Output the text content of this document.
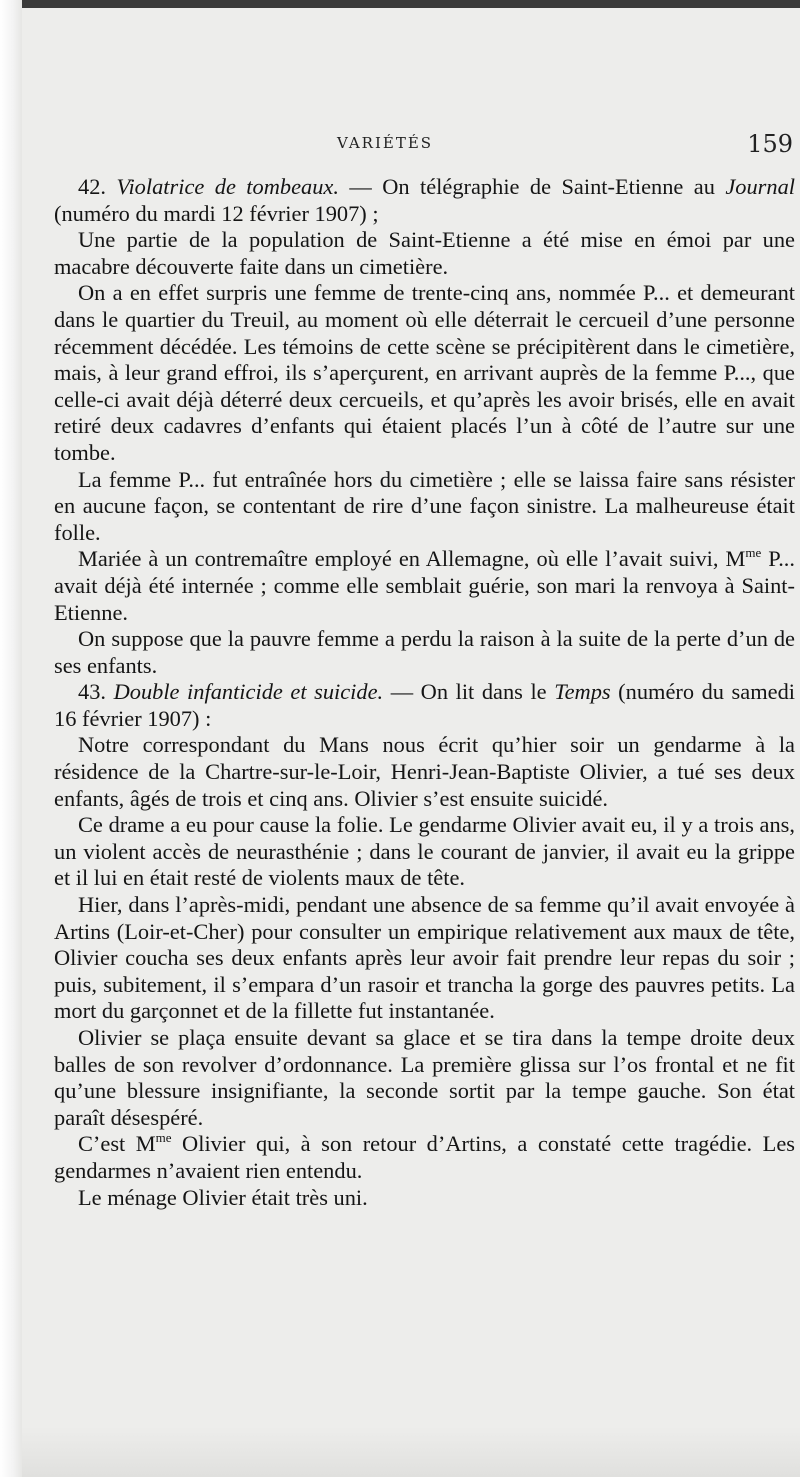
VARIÉTÉS	159

42. Violatrice de tombeaux. — On télégraphie de Saint-Etienne au Journal (numéro du mardi 12 février 1907) ;

Une partie de la population de Saint-Etienne a été mise en émoi par une macabre découverte faite dans un cimetière.

On a en effet surpris une femme de trente-cinq ans, nommée P... et demeurant dans le quartier du Treuil, au moment où elle déterrait le cercueil d’une personne récemment décédée. Les témoins de cette scène se précipitèrent dans le cimetière, mais, à leur grand effroi, ils s’aperçurent, en arrivant auprès de la femme P..., que celle-ci avait déjà déterré deux cercueils, et qu’après les avoir brisés, elle en avait retiré deux cadavres d’enfants qui étaient placés l’un à côté de l’autre sur une tombe.

La femme P... fut entraînée hors du cimetière ; elle se laissa faire sans résister en aucune façon, se contentant de rire d’une façon sinistre. La malheureuse était folle.

Mariée à un contremaître employé en Allemagne, où elle l’avait suivi, $M^{me}$ P... avait déjà été internée ; comme elle semblait guérie, son mari la renvoya à Saint-Etienne.

On suppose que la pauvre femme a perdu la raison à la suite de la perte d’un de ses enfants.

43. Double infanticide et suicide. — On lit dans le Temps (numéro du samedi 16 février 1907) :

Notre correspondant du Mans nous écrit qu’hier soir un gendarme à la résidence de la Chartre-sur-le-Loir, Henri-Jean-Baptiste Olivier, a tué ses deux enfants, âgés de trois et cinq ans. Olivier s’est ensuite suicidé.

Ce drame a eu pour cause la folie. Le gendarme Olivier avait eu, il y a trois ans, un violent accès de neurasthénie ; dans le courant de janvier, il avait eu la grippe et il lui en était resté de violents maux de tête.

Hier, dans l’après-midi, pendant une absence de sa femme qu’il avait envoyée à Artins (Loir-et-Cher) pour consulter un empirique relativement aux maux de tête, Olivier coucha ses deux enfants après leur avoir fait prendre leur repas du soir ; puis, subitement, il s’empara d’un rasoir et trancha la gorge des pauvres petits. La mort du garçonnet et de la fillette fut instantanée.

Olivier se plaça ensuite devant sa glace et se tira dans la tempe droite deux balles de son revolver d’ordonnance. La première glissa sur l’os frontal et ne fit qu’une blessure insignifiante, la seconde sortit par la tempe gauche. Son état paraît désespéré.

C’est $M^{me}$ Olivier qui, à son retour d’Artins, a constaté cette tragédie. Les gendarmes n’avaient rien entendu.

Le ménage Olivier était très uni.
